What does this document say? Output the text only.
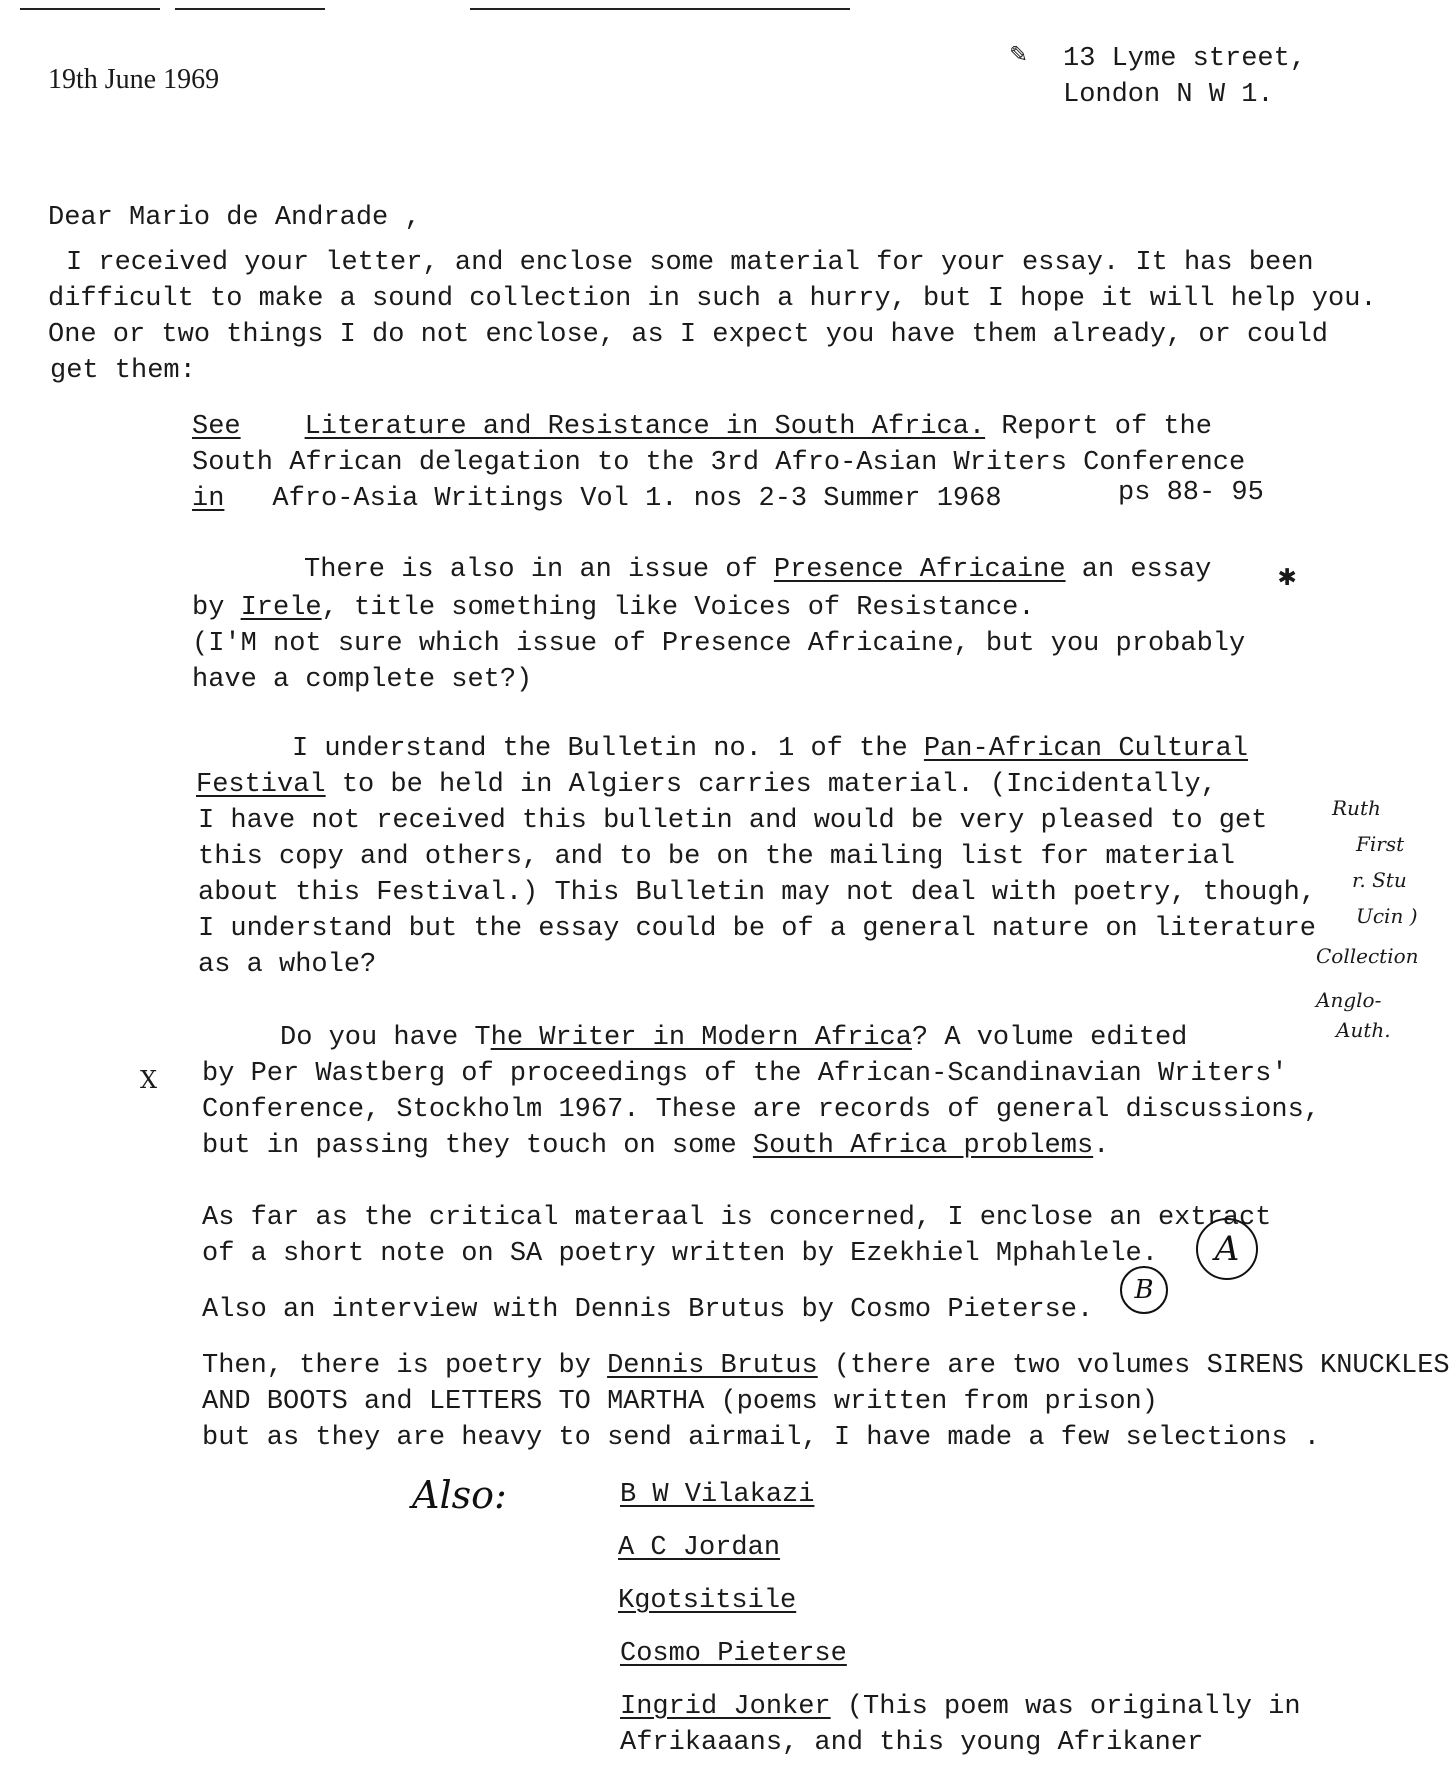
19th June 1969
✎ 13 Lyme street,
London N W 1.
Dear Mario de Andrade ,
I received your letter, and enclose some material for your essay. It has been
difficult to make a sound collection in such a hurry, but I hope it will help you.
One or two things I do not enclose, as I expect you have them already, or could
get them:
See Literature and Resistance in South Africa. Report of the
South African delegation to the 3rd Afro-Asian Writers Conference
in Afro-Asia Writings Vol 1. nos 2-3 Summer 1968	ps 88- 95
There is also in an issue of Presence Africaine an essay ✱
by Irele, title something like Voices of Resistance.
(I'M not sure which issue of Presence Africaine, but you probably
have a complete set?)
I understand the Bulletin no. 1 of the Pan-African Cultural
Festival to be held in Algiers carries material. (Incidentally,
I have not received this bulletin and would be very pleased to get
this copy and others, and to be on the mailing list for material
about this Festival.) This Bulletin may not deal with poetry, though,
I understand but the essay could be of a general nature on literature
as a whole?
Ruth
First
r. Stu
Ucin )
Collection
Anglo-
Auth.
Do you have The Writer in Modern Africa? A volume edited
X by Per Wastberg of proceedings of the African-Scandinavian Writers'
Conference, Stockholm 1967. These are records of general discussions,
but in passing they touch on some South Africa problems.
As far as the critical materaal is concerned, I enclose an extract
of a short note on SA poetry written by Ezekhiel Mphahlele.	A
Also an interview with Dennis Brutus by Cosmo Pieterse.
B
Then, there is poetry by Dennis Brutus (there are two volumes SIRENS KNUCKLES
AND BOOTS and LETTERS TO MARTHA (poems written from prison)
but as they are heavy to send airmail, I have made a few selections .
Also:	B W Vilakazi
A C Jordan
Kgotsitsile
Cosmo Pieterse
Ingrid Jonker (This poem was originally in
Afrikaaans, and this young Afrikaner
